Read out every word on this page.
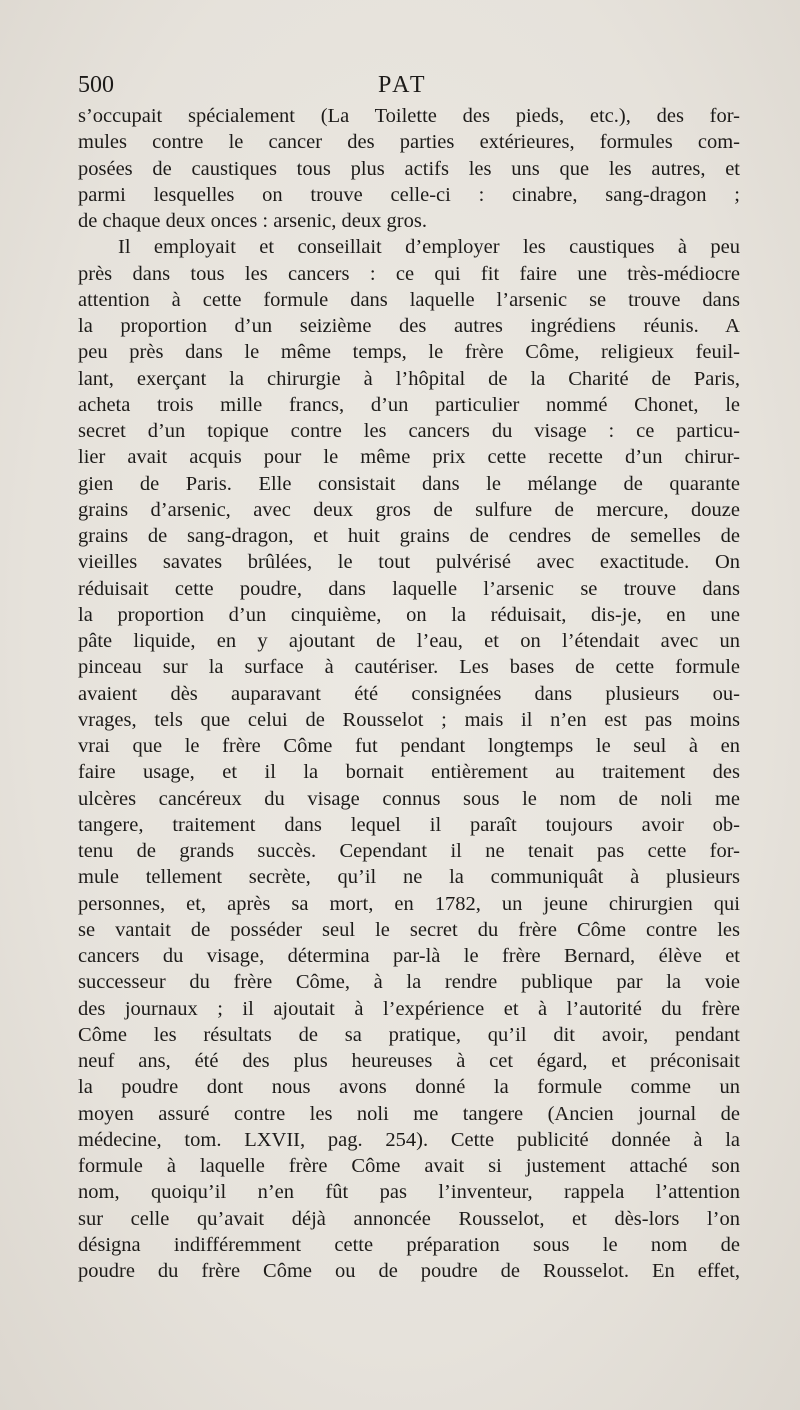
500	PAT
s’occupait spécialement (La Toilette des pieds, etc.), des for-
mules contre le cancer des parties extérieures, formules com-
posées de caustiques tous plus actifs les uns que les autres, et
parmi lesquelles on trouve celle-ci : cinabre, sang-dragon ;
de chaque deux onces : arsenic, deux gros.
Il employait et conseillait d’employer les caustiques à peu
près dans tous les cancers : ce qui fit faire une très-médiocre
attention à cette formule dans laquelle l’arsenic se trouve dans
la proportion d’un seizième des autres ingrédiens réunis. A
peu près dans le même temps, le frère Côme, religieux feuil-
lant, exerçant la chirurgie à l’hôpital de la Charité de Paris,
acheta trois mille francs, d’un particulier nommé Chonet, le
secret d’un topique contre les cancers du visage : ce particu-
lier avait acquis pour le même prix cette recette d’un chirur-
gien de Paris. Elle consistait dans le mélange de quarante
grains d’arsenic, avec deux gros de sulfure de mercure, douze
grains de sang-dragon, et huit grains de cendres de semelles de
vieilles savates brûlées, le tout pulvérisé avec exactitude. On
réduisait cette poudre, dans laquelle l’arsenic se trouve dans
la proportion d’un cinquième, on la réduisait, dis-je, en une
pâte liquide, en y ajoutant de l’eau, et on l’étendait avec un
pinceau sur la surface à cautériser. Les bases de cette formule
avaient dès auparavant été consignées dans plusieurs ou-
vrages, tels que celui de Rousselot ; mais il n’en est pas moins
vrai que le frère Côme fut pendant longtemps le seul à en
faire usage, et il la bornait entièrement au traitement des
ulcères cancéreux du visage connus sous le nom de noli me
tangere, traitement dans lequel il paraît toujours avoir ob-
tenu de grands succès. Cependant il ne tenait pas cette for-
mule tellement secrète, qu’il ne la communiquât à plusieurs
personnes, et, après sa mort, en 1782, un jeune chirurgien qui
se vantait de posséder seul le secret du frère Côme contre les
cancers du visage, détermina par-là le frère Bernard, élève et
successeur du frère Côme, à la rendre publique par la voie
des journaux ; il ajoutait à l’expérience et à l’autorité du frère
Côme les résultats de sa pratique, qu’il dit avoir, pendant
neuf ans, été des plus heureuses à cet égard, et préconisait
la poudre dont nous avons donné la formule comme un
moyen assuré contre les noli me tangere (Ancien journal de
médecine, tom. LXVII, pag. 254). Cette publicité donnée à la
formule à laquelle frère Côme avait si justement attaché son
nom, quoiqu’il n’en fût pas l’inventeur, rappela l’attention
sur celle qu’avait déjà annoncée Rousselot, et dès-lors l’on
désigna indifféremment cette préparation sous le nom de
poudre du frère Côme ou de poudre de Rousselot. En effet,
